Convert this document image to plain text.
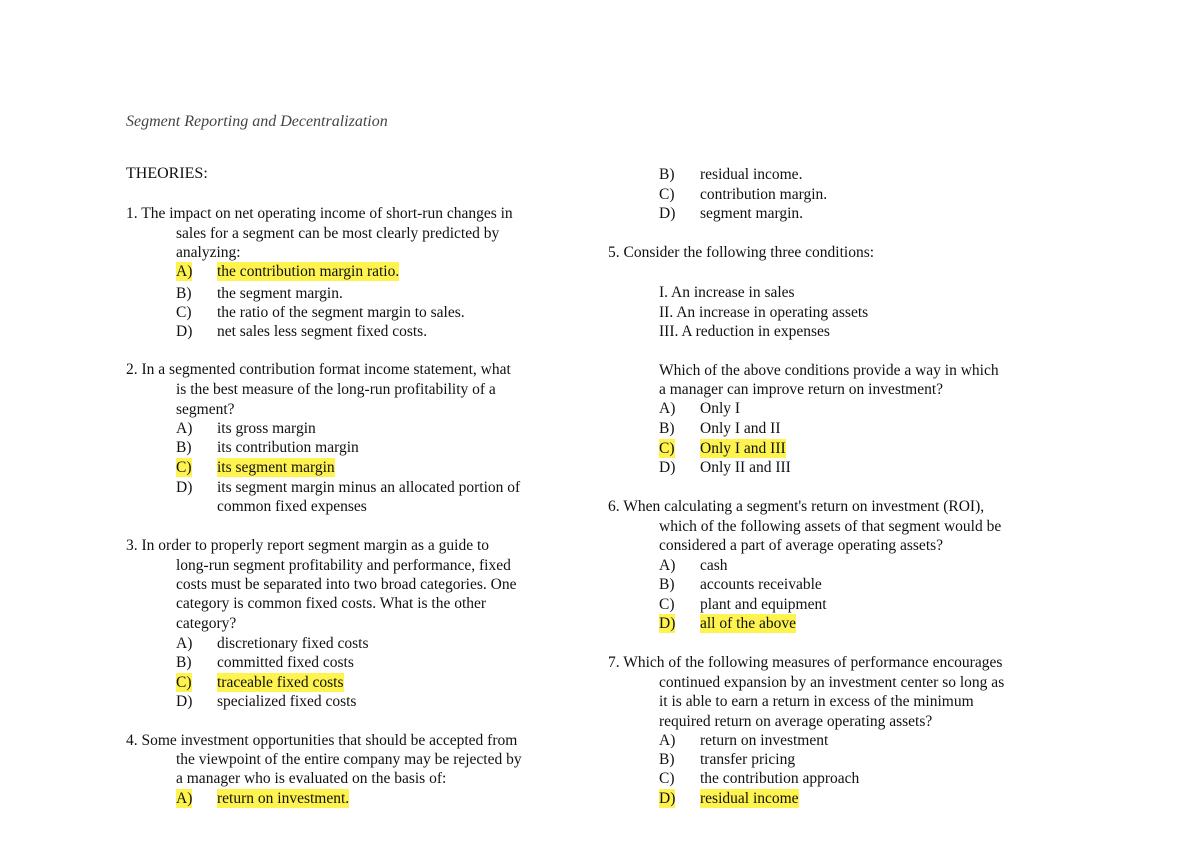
Segment Reporting and Decentralization
THEORIES:
1. The impact on net operating income of short-run changes in
sales for a segment can be most clearly predicted by
analyzing:
A) the contribution margin ratio.
B) the segment margin.
C) the ratio of the segment margin to sales.
D) net sales less segment fixed costs.
2. In a segmented contribution format income statement, what
is the best measure of the long-run profitability of a
segment?
A) its gross margin
B) its contribution margin
C) its segment margin
D) its segment margin minus an allocated portion of
common fixed expenses
3. In order to properly report segment margin as a guide to
long-run segment profitability and performance, fixed
costs must be separated into two broad categories. One
category is common fixed costs. What is the other
category?
A) discretionary fixed costs
B) committed fixed costs
C) traceable fixed costs
D) specialized fixed costs
4. Some investment opportunities that should be accepted from
the viewpoint of the entire company may be rejected by
a manager who is evaluated on the basis of:
A) return on investment.
B) residual income.
C) contribution margin.
D) segment margin.
5. Consider the following three conditions:
I. An increase in sales
II. An increase in operating assets
III. A reduction in expenses
Which of the above conditions provide a way in which
a manager can improve return on investment?
A) Only I
B) Only I and II
C) Only I and III
D) Only II and III
6. When calculating a segment's return on investment (ROI),
which of the following assets of that segment would be
considered a part of average operating assets?
A) cash
B) accounts receivable
C) plant and equipment
D) all of the above
7. Which of the following measures of performance encourages
continued expansion by an investment center so long as
it is able to earn a return in excess of the minimum
required return on average operating assets?
A) return on investment
B) transfer pricing
C) the contribution approach
D) residual income
